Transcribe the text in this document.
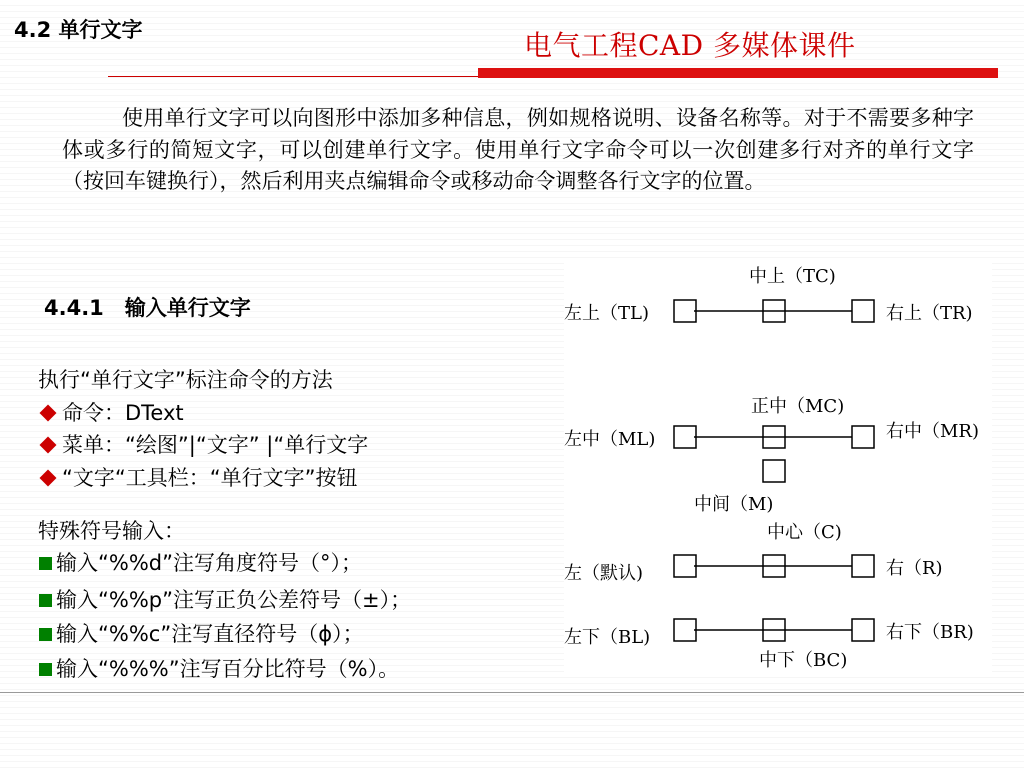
4.2 单行文字	电气工程CAD 多媒体课件

使用单行文字可以向图形中添加多种信息，例如规格说明、设备名称等。对于不需要多种字体或多行的简短文字，可以创建单行文字。使用单行文字命令可以一次创建多行对齐的单行文字（按回车键换行），然后利用夹点编辑命令或移动命令调整各行文字的位置。

4.4.1　输入单行文字
执行“单行文字”标注命令的方法
命令：DText
菜单：“绘图”|“文字” |“单行文字
“文字“工具栏：“单行文字”按钮
特殊符号输入：
输入“%%d”注写角度符号（°）；
输入“%%p”注写正负公差符号（±）；
输入“%%c”注写直径符号（ϕ）；
输入“%%%”注写百分比符号（%）。
中上（TC)
左上（TL)	右上（TR)
正中（MC)
左中（ML)	右中（MR)
中间（M)
中心（C)
左（默认)	右（R)
左下（BL)	右下（BR)
中下（BC)
